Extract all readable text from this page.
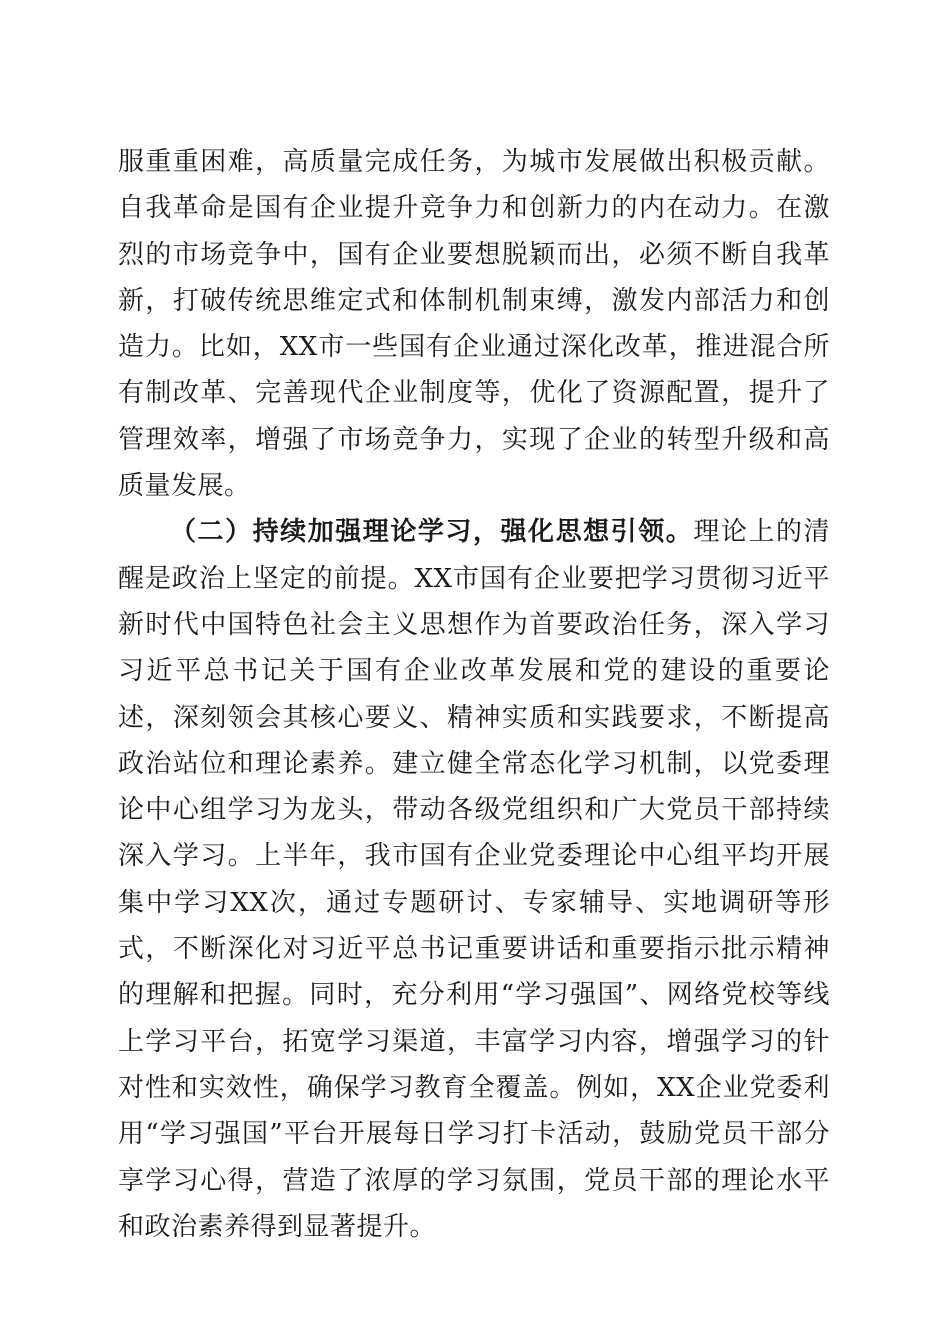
服重重困难，高质量完成任务，为城市发展做出积极贡献。自我革命是国有企业提升竞争力和创新力的内在动力。在激烈的市场竞争中，国有企业要想脱颖而出，必须不断自我革新，打破传统思维定式和体制机制束缚，激发内部活力和创造力。比如，XX市一些国有企业通过深化改革，推进混合所有制改革、完善现代企业制度等，优化了资源配置，提升了管理效率，增强了市场竞争力，实现了企业的转型升级和高质量发展。

（二）持续加强理论学习，强化思想引领。理论上的清醒是政治上坚定的前提。XX市国有企业要把学习贯彻习近平新时代中国特色社会主义思想作为首要政治任务，深入学习习近平总书记关于国有企业改革发展和党的建设的重要论述，深刻领会其核心要义、精神实质和实践要求，不断提高政治站位和理论素养。建立健全常态化学习机制，以党委理论中心组学习为龙头，带动各级党组织和广大党员干部持续深入学习。上半年，我市国有企业党委理论中心组平均开展集中学习XX次，通过专题研讨、专家辅导、实地调研等形式，不断深化对习近平总书记重要讲话和重要指示批示精神的理解和把握。同时，充分利用“学习强国”、网络党校等线上学习平台，拓宽学习渠道，丰富学习内容，增强学习的针对性和实效性，确保学习教育全覆盖。例如，XX企业党委利用“学习强国”平台开展每日学习打卡活动，鼓励党员干部分享学习心得，营造了浓厚的学习氛围，党员干部的理论水平和政治素养得到显著提升。
